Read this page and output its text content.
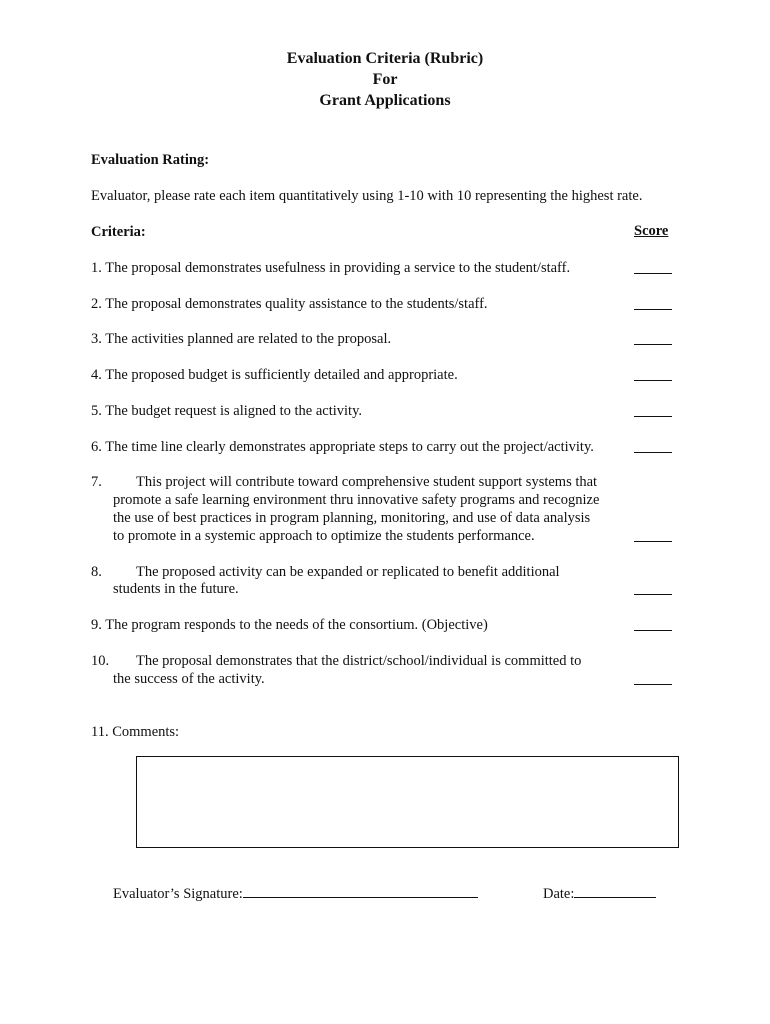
Evaluation Criteria (Rubric)
For
Grant Applications
Evaluation Rating:
Evaluator, please rate each item quantitatively using 1-10 with 10 representing the highest rate.
Criteria:	Score
1. The proposal demonstrates usefulness in providing a service to the student/staff.
2. The proposal demonstrates quality assistance to the students/staff.
3. The activities planned are related to the proposal.
4. The proposed budget is sufficiently detailed and appropriate.
5. The budget request is aligned to the activity.
6. The time line clearly demonstrates appropriate steps to carry out the project/activity.
7. This project will contribute toward comprehensive student support systems that
promote a safe learning environment thru innovative safety programs and recognize
the use of best practices in program planning, monitoring, and use of data analysis
to promote in a systemic approach to optimize the students performance.
8. The proposed activity can be expanded or replicated to benefit additional
students in the future.
9. The program responds to the needs of the consortium. (Objective)
10. The proposal demonstrates that the district/school/individual is committed to
the success of the activity.
11. Comments:
Evaluator’s Signature:	Date:
